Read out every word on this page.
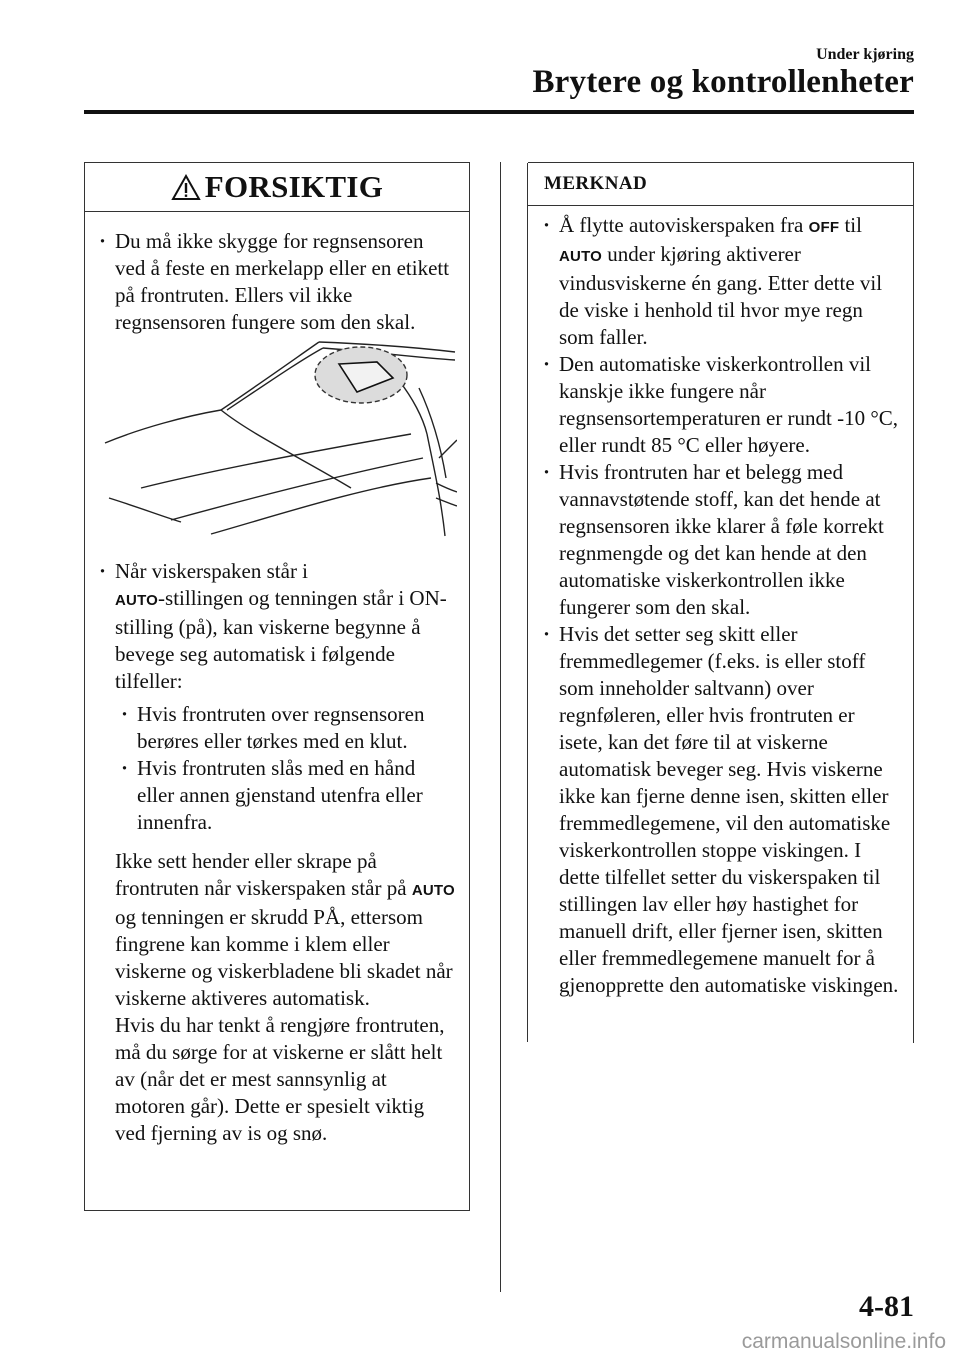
Under kjøring
Brytere og kontrollenheter
FORSIKTIG
· Du må ikke skygge for regnsensoren ved å feste en merkelapp eller en etikett på frontruten. Ellers vil ikke regnsensoren fungere som den skal.
· Når viskerspaken står i
AUTO-stillingen og tenningen står i ON-stilling (på), kan viskerne begynne å bevege seg automatisk i følgende tilfeller:
· Hvis frontruten over regnsensoren berøres eller tørkes med en klut.
· Hvis frontruten slås med en hånd eller annen gjenstand utenfra eller innenfra.
Ikke sett hender eller skrape på frontruten når viskerspaken står på AUTO og tenningen er skrudd PÅ, ettersom fingrene kan komme i klem eller viskerne og viskerbladene bli skadet når viskerne aktiveres automatisk.
Hvis du har tenkt å rengjøre frontruten, må du sørge for at viskerne er slått helt av (når det er mest sannsynlig at motoren går). Dette er spesielt viktig ved fjerning av is og snø.
MERKNAD
· Å flytte autoviskerspaken fra OFF til
AUTO under kjøring aktiverer vindusviskerne én gang. Etter dette vil de viske i henhold til hvor mye regn som faller.
· Den automatiske viskerkontrollen vil kanskje ikke fungere når regnsensortemperaturen er rundt -10 °C, eller rundt 85 °C eller høyere.
· Hvis frontruten har et belegg med vannavstøtende stoff, kan det hende at regnsensoren ikke klarer å føle korrekt regnmengde og det kan hende at den automatiske viskerkontrollen ikke fungerer som den skal.
· Hvis det setter seg skitt eller fremmedlegemer (f.eks. is eller stoff som inneholder saltvann) over regnføleren, eller hvis frontruten er isete, kan det føre til at viskerne automatisk beveger seg. Hvis viskerne ikke kan fjerne denne isen, skitten eller fremmedlegemene, vil den automatiske viskerkontrollen stoppe viskingen. I dette tilfellet setter du viskerspaken til stillingen lav eller høy hastighet for manuell drift, eller fjerner isen, skitten eller fremmedlegemene manuelt for å gjenopprette den automatiske viskingen.
4-81
carmanualsonline.info
